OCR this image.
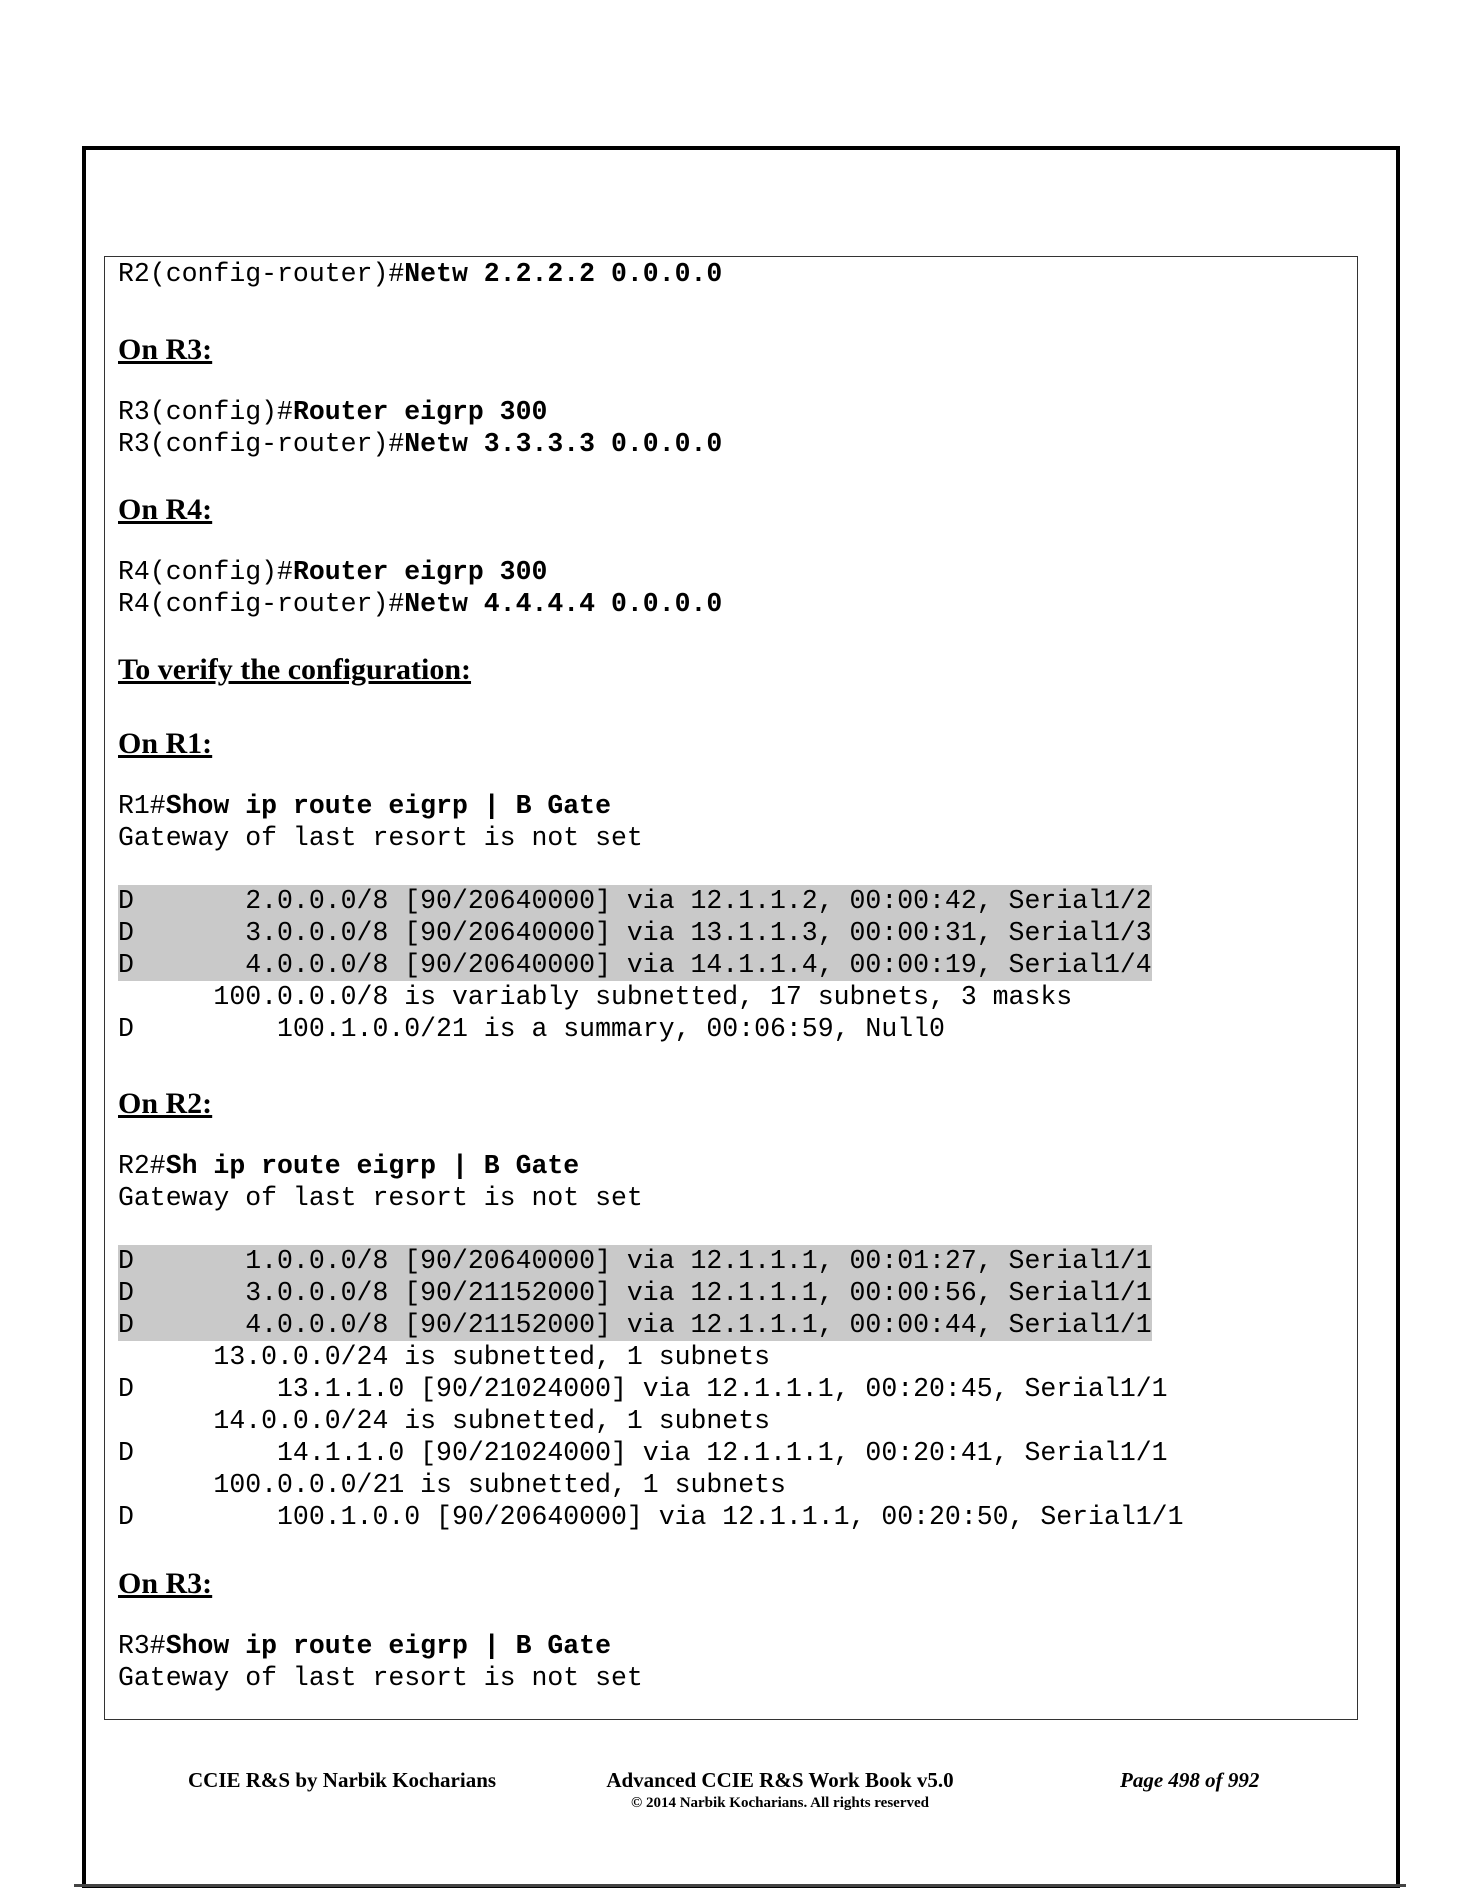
R2(config-router)#Netw 2.2.2.2 0.0.0.0
On R3:
R3(config)#Router eigrp 300
R3(config-router)#Netw 3.3.3.3 0.0.0.0
On R4:
R4(config)#Router eigrp 300
R4(config-router)#Netw 4.4.4.4 0.0.0.0
To verify the configuration:
On R1:
R1#Show ip route eigrp | B Gate
Gateway of last resort is not set
D       2.0.0.0/8 [90/20640000] via 12.1.1.2, 00:00:42, Serial1/2
D       3.0.0.0/8 [90/20640000] via 13.1.1.3, 00:00:31, Serial1/3
D       4.0.0.0/8 [90/20640000] via 14.1.1.4, 00:00:19, Serial1/4
100.0.0.0/8 is variably subnetted, 17 subnets, 3 masks
D         100.1.0.0/21 is a summary, 00:06:59, Null0
On R2:
R2#Sh ip route eigrp | B Gate
Gateway of last resort is not set
D       1.0.0.0/8 [90/20640000] via 12.1.1.1, 00:01:27, Serial1/1
D       3.0.0.0/8 [90/21152000] via 12.1.1.1, 00:00:56, Serial1/1
D       4.0.0.0/8 [90/21152000] via 12.1.1.1, 00:00:44, Serial1/1
13.0.0.0/24 is subnetted, 1 subnets
D         13.1.1.0 [90/21024000] via 12.1.1.1, 00:20:45, Serial1/1
14.0.0.0/24 is subnetted, 1 subnets
D         14.1.1.0 [90/21024000] via 12.1.1.1, 00:20:41, Serial1/1
100.0.0.0/21 is subnetted, 1 subnets
D         100.1.0.0 [90/20640000] via 12.1.1.1, 00:20:50, Serial1/1
On R3:
R3#Show ip route eigrp | B Gate
Gateway of last resort is not set
CCIE R&S by Narbik Kocharians	Advanced CCIE R&S Work Book v5.0
© 2014 Narbik Kocharians. All rights reserved
Page 498 of 992
